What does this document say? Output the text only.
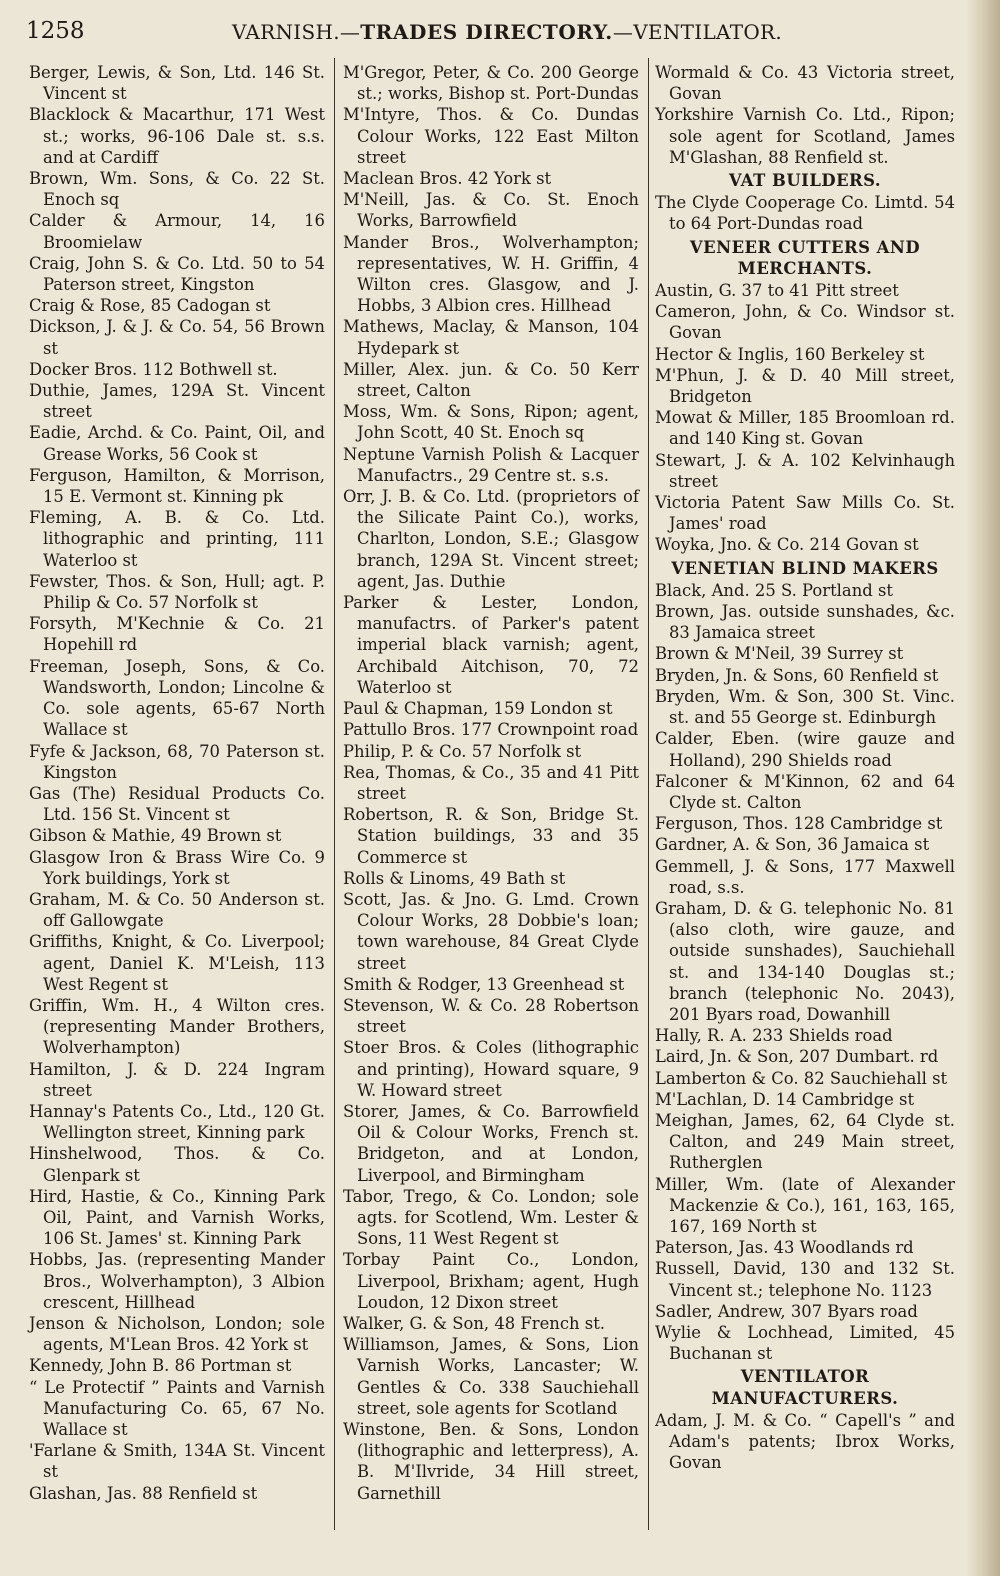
1258	VARNISH.—TRADES DIRECTORY.—VENTILATOR.
Berger, Lewis, & Son, Ltd. 146 St. Vincent st
Blacklock & Macarthur, 171 West st.; works, 96-106 Dale st. s.s. and at Cardiff
Brown, Wm. Sons, & Co. 22 St. Enoch sq
Calder & Armour, 14, 16 Broomielaw
Craig, John S. & Co. Ltd. 50 to 54 Paterson street, Kingston
Craig & Rose, 85 Cadogan st
Dickson, J. & J. & Co. 54, 56 Brown st
Docker Bros. 112 Bothwell st.
Duthie, James, 129A St. Vincent street
Eadie, Archd. & Co. Paint, Oil, and Grease Works, 56 Cook st
Ferguson, Hamilton, & Morrison, 15 E. Vermont st. Kinning pk
Fleming, A. B. & Co. Ltd. lithographic and printing, 111 Waterloo st
Fewster, Thos. & Son, Hull; agt. P. Philip & Co. 57 Norfolk st
Forsyth, M'Kechnie & Co. 21 Hopehill rd
Freeman, Joseph, Sons, & Co. Wandsworth, London; Lincolne & Co. sole agents, 65-67 North Wallace st
Fyfe & Jackson, 68, 70 Paterson st. Kingston
Gas (The) Residual Products Co. Ltd. 156 St. Vincent st
Gibson & Mathie, 49 Brown st
Glasgow Iron & Brass Wire Co. 9 York buildings, York st
Graham, M. & Co. 50 Anderson st. off Gallowgate
Griffiths, Knight, & Co. Liverpool; agent, Daniel K. M'Leish, 113 West Regent st
Griffin, Wm. H., 4 Wilton cres. (representing Mander Brothers, Wolverhampton)
Hamilton, J. & D. 224 Ingram street
Hannay's Patents Co., Ltd., 120 Gt. Wellington street, Kinning park
Hinshelwood, Thos. & Co. Glenpark st
Hird, Hastie, & Co., Kinning Park Oil, Paint, and Varnish Works, 106 St. James' st. Kinning Park
Hobbs, Jas. (representing Mander Bros., Wolverhampton), 3 Albion crescent, Hillhead
Jenson & Nicholson, London; sole agents, M'Lean Bros. 42 York st
Kennedy, John B. 86 Portman st
“ Le Protectif ” Paints and Varnish Manufacturing Co. 65, 67 No. Wallace st
'Farlane & Smith, 134A St. Vincent st
Glashan, Jas. 88 Renfield st
M'Gregor, Peter, & Co. 200 George st.; works, Bishop st. Port-Dundas
M'Intyre, Thos. & Co. Dundas Colour Works, 122 East Milton street
Maclean Bros. 42 York st
M'Neill, Jas. & Co. St. Enoch Works, Barrowfield
Mander Bros., Wolverhampton; representatives, W. H. Griffin, 4 Wilton cres. Glasgow, and J. Hobbs, 3 Albion cres. Hillhead
Mathews, Maclay, & Manson, 104 Hydepark st
Miller, Alex. jun. & Co. 50 Kerr street, Calton
Moss, Wm. & Sons, Ripon; agent, John Scott, 40 St. Enoch sq
Neptune Varnish Polish & Lacquer Manufactrs., 29 Centre st. s.s.
Orr, J. B. & Co. Ltd. (proprietors of the Silicate Paint Co.), works, Charlton, London, S.E.; Glasgow branch, 129A St. Vincent street; agent, Jas. Duthie
Parker & Lester, London, manufactrs. of Parker's patent imperial black varnish; agent, Archibald Aitchison, 70, 72 Waterloo st
Paul & Chapman, 159 London st
Pattullo Bros. 177 Crownpoint road
Philip, P. & Co. 57 Norfolk st
Rea, Thomas, & Co., 35 and 41 Pitt street
Robertson, R. & Son, Bridge St. Station buildings, 33 and 35 Commerce st
Rolls & Linoms, 49 Bath st
Scott, Jas. & Jno. G. Lmd. Crown Colour Works, 28 Dobbie's loan; town warehouse, 84 Great Clyde street
Smith & Rodger, 13 Greenhead st
Stevenson, W. & Co. 28 Robertson street
Stoer Bros. & Coles (lithographic and printing), Howard square, 9 W. Howard street
Storer, James, & Co. Barrowfield Oil & Colour Works, French st. Bridgeton, and at London, Liverpool, and Birmingham
Tabor, Trego, & Co. London; sole agts. for Scotlend, Wm. Lester & Sons, 11 West Regent st
Torbay Paint Co., London, Liverpool, Brixham; agent, Hugh Loudon, 12 Dixon street
Walker, G. & Son, 48 French st.
Williamson, James, & Sons, Lion Varnish Works, Lancaster; W. Gentles & Co. 338 Sauchiehall street, sole agents for Scotland
Winstone, Ben. & Sons, London (lithographic and letterpress), A. B. M'Ilvride, 34 Hill street, Garnethill
Wormald & Co. 43 Victoria street, Govan
Yorkshire Varnish Co. Ltd., Ripon; sole agent for Scotland, James M'Glashan, 88 Renfield st.
VAT BUILDERS.
The Clyde Cooperage Co. Limtd. 54 to 64 Port-Dundas road
VENEER CUTTERS AND MERCHANTS.
Austin, G. 37 to 41 Pitt street
Cameron, John, & Co. Windsor st. Govan
Hector & Inglis, 160 Berkeley st
M'Phun, J. & D. 40 Mill street, Bridgeton
Mowat & Miller, 185 Broomloan rd. and 140 King st. Govan
Stewart, J. & A. 102 Kelvinhaugh street
Victoria Patent Saw Mills Co. St. James' road
Woyka, Jno. & Co. 214 Govan st
VENETIAN BLIND MAKERS
Black, And. 25 S. Portland st
Brown, Jas. outside sunshades, &c. 83 Jamaica street
Brown & M'Neil, 39 Surrey st
Bryden, Jn. & Sons, 60 Renfield st
Bryden, Wm. & Son, 300 St. Vinc. st. and 55 George st. Edinburgh
Calder, Eben. (wire gauze and Holland), 290 Shields road
Falconer & M'Kinnon, 62 and 64 Clyde st. Calton
Ferguson, Thos. 128 Cambridge st
Gardner, A. & Son, 36 Jamaica st
Gemmell, J. & Sons, 177 Maxwell road, s.s.
Graham, D. & G. telephonic No. 81 (also cloth, wire gauze, and outside sunshades), Sauchiehall st. and 134-140 Douglas st.; branch (telephonic No. 2043), 201 Byars road, Dowanhill
Hally, R. A. 233 Shields road
Laird, Jn. & Son, 207 Dumbart. rd
Lamberton & Co. 82 Sauchiehall st
M'Lachlan, D. 14 Cambridge st
Meighan, James, 62, 64 Clyde st. Calton, and 249 Main street, Rutherglen
Miller, Wm. (late of Alexander Mackenzie & Co.), 161, 163, 165, 167, 169 North st
Paterson, Jas. 43 Woodlands rd
Russell, David, 130 and 132 St. Vincent st.; telephone No. 1123
Sadler, Andrew, 307 Byars road
Wylie & Lochhead, Limited, 45 Buchanan st
VENTILATOR MANUFACTURERS.
Adam, J. M. & Co. “ Capell's ” and Adam's patents; Ibrox Works, Govan
